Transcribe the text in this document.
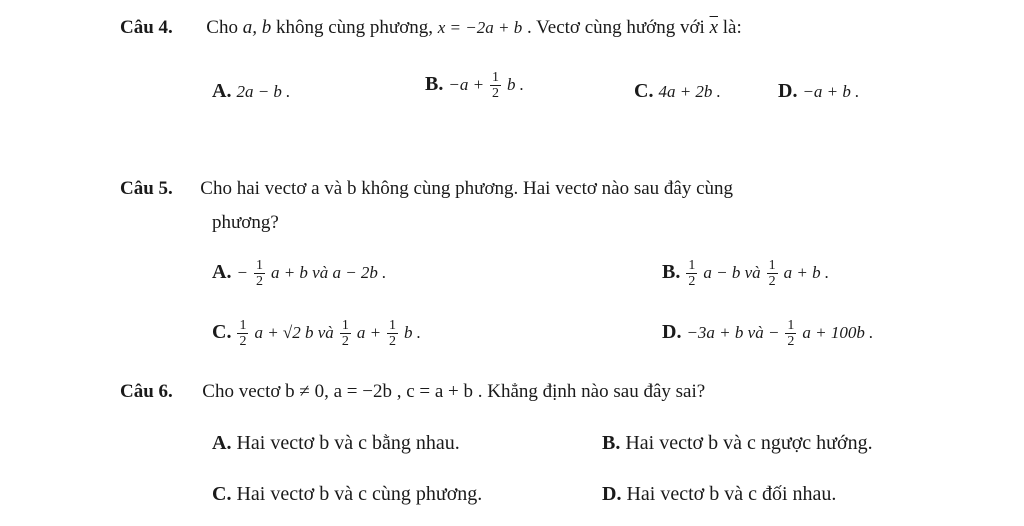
Câu 4. Cho a, b không cùng phương, x = −2a + b . Vectơ cùng hướng với $\overline{x}$ là:
A. 2a − b .	B. $-a + \frac{1}{2}$ b .	C. 4a + 2b .	D. −a + b .
Câu 5. Cho hai vectơ a và b không cùng phương. Hai vectơ nào sau đây cùng
phương?
A. − $\frac{1}{2}$ a + b và a − 2b .	B. $\frac{1}{2}$ a − b và $\frac{1}{2}$ a + b .
C. $\frac{1}{2}$ a + √2 b và $\frac{1}{2}$ $a + \frac{1}{2}$ b .	D. −3a + b và − $\frac{1}{2}$ a + 100b .
Câu 6. Cho vectơ b ≠ 0, a = −2b , c = a + b . Khẳng định nào sau đây sai?
A. Hai vectơ b và c bằng nhau.	B. Hai vectơ b và c ngược hướng.
C. Hai vectơ b và c cùng phương.	D. Hai vectơ b và c đối nhau.
